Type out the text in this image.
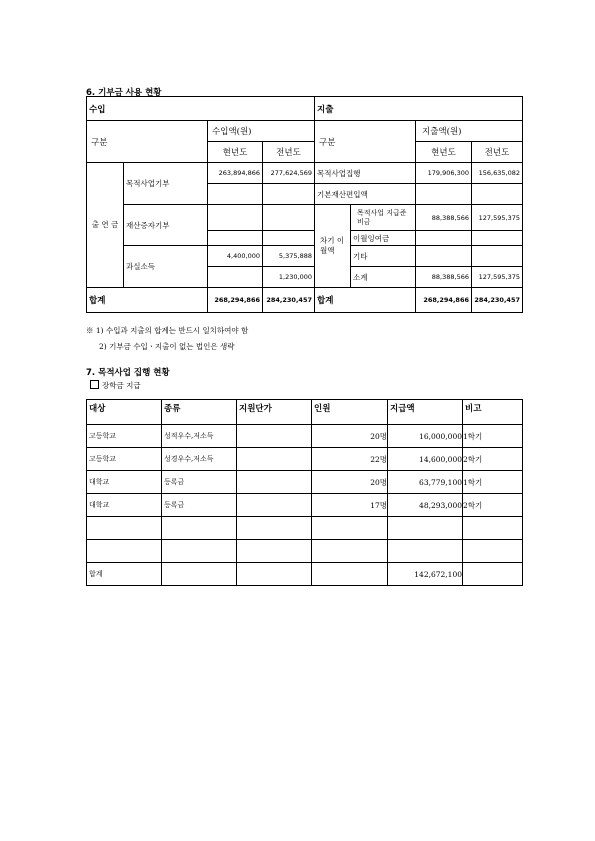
6. 기부금 사용 현황
수입				지출			
구분		수입액(원)		구분		지출액(원)	
		현년도	전년도			현년도	전년도
출 연 금	목적사업기부	263,894,866	277,624,569	목적사업집행		179,906,300	156,635,082
				기본재산편입액			
	재산증자기부			차기 이월액	목적사업 지급준비금	88,388,566	127,595,375
					이월잉여금		
	과실소득	4,400,000	5,375,888		기타		
			1,230,000		소계	88,388,566	127,595,375
합계		268,294,866	284,230,457	합계		268,294,866	284,230,457
※ 1) 수입과 지출의 합계는 반드시 일치하여야 함
2) 기부금 수입ㆍ지출이 없는 법인은 생략
7. 목적사업 집행 현황
장학금 지급
대상	종류	지원단가	인원	지급액	비고
고등학교	성적우수,저소득		20명	16,000,000	1학기
고등학교	성경우수,저소득		22명	14,600,000	2학기
대학교	등록금		20명	63,779,100	1학기
대학교	등록금		17명	48,293,000	2학기

합계				142,672,100	
